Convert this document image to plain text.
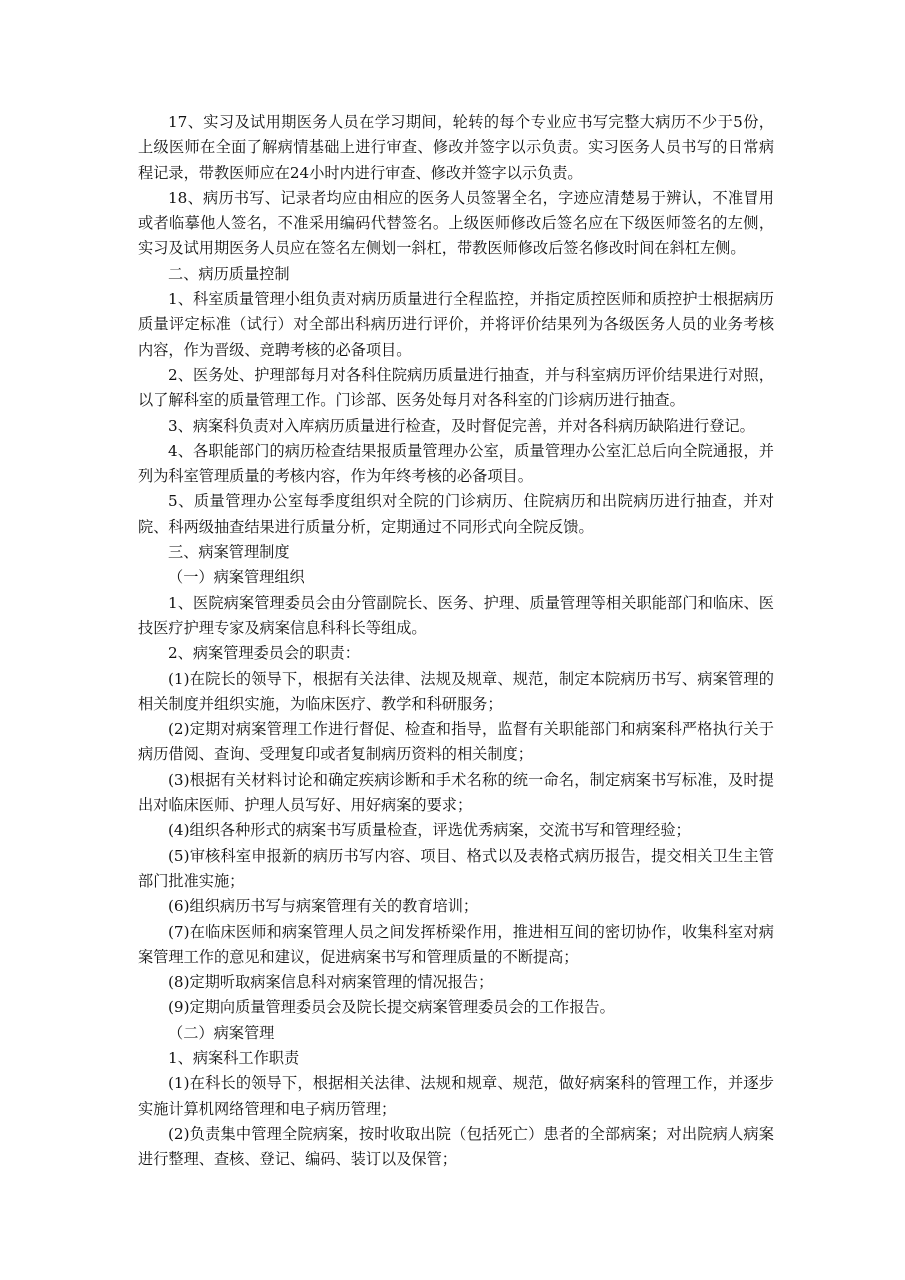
17、实习及试用期医务人员在学习期间，轮转的每个专业应书写完整大病历不少于5份，上级医师在全面了解病情基础上进行审查、修改并签字以示负责。实习医务人员书写的日常病程记录，带教医师应在24小时内进行审查、修改并签字以示负责。

18、病历书写、记录者均应由相应的医务人员签署全名，字迹应清楚易于辨认，不准冒用或者临摹他人签名，不准采用编码代替签名。上级医师修改后签名应在下级医师签名的左侧，实习及试用期医务人员应在签名左侧划一斜杠，带教医师修改后签名修改时间在斜杠左侧。

二、病历质量控制

1、科室质量管理小组负责对病历质量进行全程监控，并指定质控医师和质控护士根据病历质量评定标准（试行）对全部出科病历进行评价，并将评价结果列为各级医务人员的业务考核内容，作为晋级、竞聘考核的必备项目。

2、医务处、护理部每月对各科住院病历质量进行抽查，并与科室病历评价结果进行对照，以了解科室的质量管理工作。门诊部、医务处每月对各科室的门诊病历进行抽查。

3、病案科负责对入库病历质量进行检查，及时督促完善，并对各科病历缺陷进行登记。

4、各职能部门的病历检查结果报质量管理办公室，质量管理办公室汇总后向全院通报，并列为科室管理质量的考核内容，作为年终考核的必备项目。

5、质量管理办公室每季度组织对全院的门诊病历、住院病历和出院病历进行抽查，并对院、科两级抽查结果进行质量分析，定期通过不同形式向全院反馈。

三、病案管理制度

（一）病案管理组织

1、医院病案管理委员会由分管副院长、医务、护理、质量管理等相关职能部门和临床、医技医疗护理专家及病案信息科科长等组成。

2、病案管理委员会的职责：

(1)在院长的领导下，根据有关法律、法规及规章、规范，制定本院病历书写、病案管理的相关制度并组织实施，为临床医疗、教学和科研服务；

(2)定期对病案管理工作进行督促、检查和指导，监督有关职能部门和病案科严格执行关于病历借阅、查询、受理复印或者复制病历资料的相关制度；

(3)根据有关材料讨论和确定疾病诊断和手术名称的统一命名，制定病案书写标准，及时提出对临床医师、护理人员写好、用好病案的要求；

(4)组织各种形式的病案书写质量检查，评选优秀病案，交流书写和管理经验；

(5)审核科室申报新的病历书写内容、项目、格式以及表格式病历报告，提交相关卫生主管部门批准实施；

(6)组织病历书写与病案管理有关的教育培训；

(7)在临床医师和病案管理人员之间发挥桥梁作用，推进相互间的密切协作，收集科室对病案管理工作的意见和建议，促进病案书写和管理质量的不断提高；

(8)定期听取病案信息科对病案管理的情况报告；

(9)定期向质量管理委员会及院长提交病案管理委员会的工作报告。

（二）病案管理

1、病案科工作职责

(1)在科长的领导下，根据相关法律、法规和规章、规范，做好病案科的管理工作，并逐步实施计算机网络管理和电子病历管理；

(2)负责集中管理全院病案，按时收取出院（包括死亡）患者的全部病案；对出院病人病案进行整理、查核、登记、编码、装订以及保管；
